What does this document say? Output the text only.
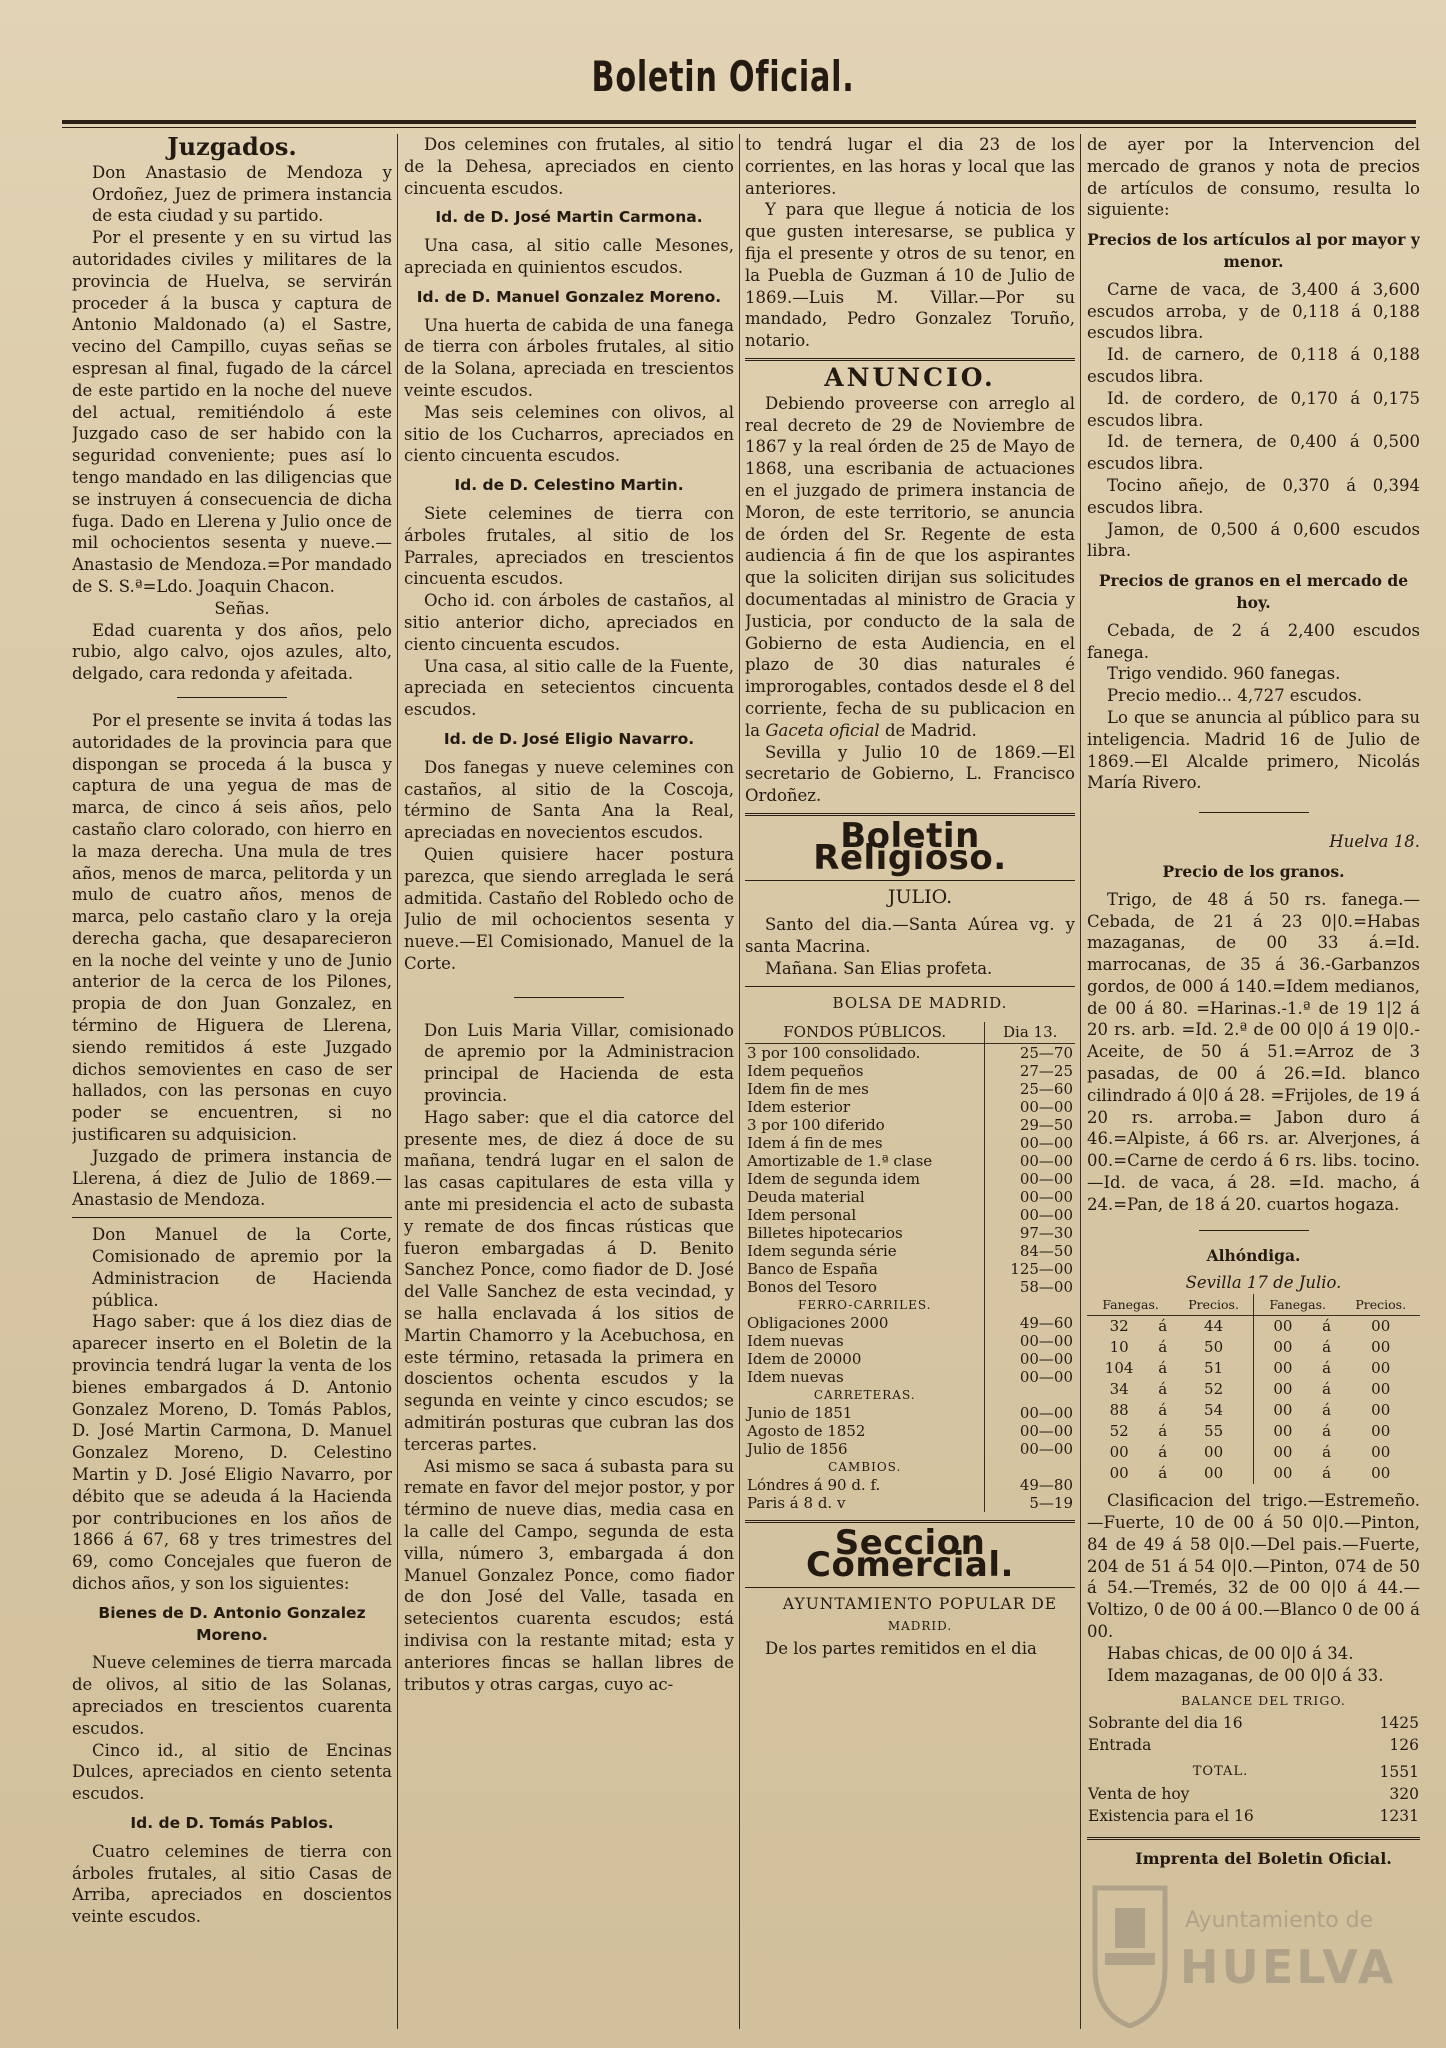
Boletin Oficial.
Juzgados.

Don Anastasio de Mendoza y Ordoñez, Juez de primera instancia de esta ciudad y su partido.

Por el presente y en su virtud las autoridades civiles y militares de la provincia de Huelva, se servirán proceder á la busca y captura de Antonio Maldonado (a) el Sastre, vecino del Campillo, cuyas señas se espresan al final, fugado de la cárcel de este partido en la noche del nueve del actual, remitiéndolo á este Juzgado caso de ser habido con la seguridad conveniente; pues así lo tengo mandado en las diligencias que se instruyen á consecuencia de dicha fuga. Dado en Llerena y Julio once de mil ochocientos sesenta y nueve.—Anastasio de Mendoza.=Por mandado de S. S.ª=Ldo. Joaquin Chacon.

Señas.

Edad cuarenta y dos años, pelo rubio, algo calvo, ojos azules, alto, delgado, cara redonda y afeitada.

Por el presente se invita á todas las autoridades de la provincia para que dispongan se proceda á la busca y captura de una yegua de mas de marca, de cinco á seis años, pelo castaño claro colorado, con hierro en la maza derecha. Una mula de tres años, menos de marca, pelitorda y un mulo de cuatro años, menos de marca, pelo castaño claro y la oreja derecha gacha, que desaparecieron en la noche del veinte y uno de Junio anterior de la cerca de los Pilones, propia de don Juan Gonzalez, en término de Higuera de Llerena, siendo remitidos á este Juzgado dichos semovientes en caso de ser hallados, con las personas en cuyo poder se encuentren, si no justificaren su adquisicion.

Juzgado de primera instancia de Llerena, á diez de Julio de 1869.—Anastasio de Mendoza.

Don Manuel de la Corte, Comisionado de apremio por la Administracion de Hacienda pública.

Hago saber: que á los diez dias de aparecer inserto en el Boletin de la provincia tendrá lugar la venta de los bienes embargados á D. Antonio Gonzalez Moreno, D. Tomás Pablos, D. José Martin Carmona, D. Manuel Gonzalez Moreno, D. Celestino Martin y D. José Eligio Navarro, por débito que se adeuda á la Hacienda por contribuciones en los años de 1866 á 67, 68 y tres trimestres del 69, como Concejales que fueron de dichos años, y son los siguientes:

Bienes de D. Antonio Gonzalez Moreno.

Nueve celemines de tierra marcada de olivos, al sitio de las Solanas, apreciados en trescientos cuarenta escudos.

Cinco id., al sitio de Encinas Dulces, apreciados en ciento setenta escudos.

Id. de D. Tomás Pablos.

Cuatro celemines de tierra con árboles frutales, al sitio Casas de Arriba, apreciados en doscientos veinte escudos.

Dos celemines con frutales, al sitio de la Dehesa, apreciados en ciento cincuenta escudos.

Id. de D. José Martin Carmona.

Una casa, al sitio calle Mesones, apreciada en quinientos escudos.

Id. de D. Manuel Gonzalez Moreno.

Una huerta de cabida de una fanega de tierra con árboles frutales, al sitio de la Solana, apreciada en trescientos veinte escudos.

Mas seis celemines con olivos, al sitio de los Cucharros, apreciados en ciento cincuenta escudos.

Id. de D. Celestino Martin.

Siete celemines de tierra con árboles frutales, al sitio de los Parrales, apreciados en trescientos cincuenta escudos.

Ocho id. con árboles de castaños, al sitio anterior dicho, apreciados en ciento cincuenta escudos.

Una casa, al sitio calle de la Fuente, apreciada en setecientos cincuenta escudos.

Id. de D. José Eligio Navarro.

Dos fanegas y nueve celemines con castaños, al sitio de la Coscoja, término de Santa Ana la Real, apreciadas en novecientos escudos.

Quien quisiere hacer postura parezca, que siendo arreglada le será admitida. Castaño del Robledo ocho de Julio de mil ochocientos sesenta y nueve.—El Comisionado, Manuel de la Corte.

Don Luis Maria Villar, comisionado de apremio por la Administracion principal de Hacienda de esta provincia.

Hago saber: que el dia catorce del presente mes, de diez á doce de su mañana, tendrá lugar en el salon de las casas capitulares de esta villa y ante mi presidencia el acto de subasta y remate de dos fincas rústicas que fueron embargadas á D. Benito Sanchez Ponce, como fiador de D. José del Valle Sanchez de esta vecindad, y se halla enclavada á los sitios de Martin Chamorro y la Acebuchosa, en este término, retasada la primera en doscientos ochenta escudos y la segunda en veinte y cinco escudos; se admitirán posturas que cubran las dos terceras partes.

Asi mismo se saca á subasta para su remate en favor del mejor postor, y por término de nueve dias, media casa en la calle del Campo, segunda de esta villa, número 3, embargada á don Manuel Gonzalez Ponce, como fiador de don José del Valle, tasada en setecientos cuarenta escudos; está indivisa con la restante mitad; esta y anteriores fincas se hallan libres de tributos y otras cargas, cuyo ac-

to tendrá lugar el dia 23 de los corrientes, en las horas y local que las anteriores.

Y para que llegue á noticia de los que gusten interesarse, se publica y fija el presente y otros de su tenor, en la Puebla de Guzman á 10 de Julio de 1869.—Luis M. Villar.—Por su mandado, Pedro Gonzalez Toruño, notario.

ANUNCIO.

Debiendo proveerse con arreglo al real decreto de 29 de Noviembre de 1867 y la real órden de 25 de Mayo de 1868, una escribania de actuaciones en el juzgado de primera instancia de Moron, de este territorio, se anuncia de órden del Sr. Regente de esta audiencia á fin de que los aspirantes que la soliciten dirijan sus solicitudes documentadas al ministro de Gracia y Justicia, por conducto de la sala de Gobierno de esta Audiencia, en el plazo de 30 dias naturales é improrogables, contados desde el 8 del corriente, fecha de su publicacion en la Gaceta oficial de Madrid.

Sevilla y Julio 10 de 1869.—El secretario de Gobierno, L. Francisco Ordoñez.

Boletin Religioso.

JULIO.

Santo del dia.—Santa Aúrea vg. y santa Macrina.

Mañana. San Elias profeta.

BOLSA DE MADRID.

FONDOS PÚBLICOS.	Dia 13.
3 por 100 consolidado.	25—70
Idem pequeños	27—25
Idem fin de mes	25—60
Idem esterior	00—00
3 por 100 diferido	29—50
Idem á fin de mes	00—00
Amortizable de 1.ª clase	00—00
Idem de segunda idem	00—00
Deuda material	00—00
Idem personal	00—00
Billetes hipotecarios	97—30
Idem segunda série	84—50
Banco de España	125—00
Bonos del Tesoro	58—00
FERRO-CARRILES.	
Obligaciones 2000	49—60
Idem nuevas	00—00
Idem de 20000	00—00
Idem nuevas	00—00
CARRETERAS.	
Junio de 1851	00—00
Agosto de 1852	00—00
Julio de 1856	00—00
CAMBIOS.	
Lóndres á 90 d. f.	49—80
Paris á 8 d. v	5—19
Seccion Comercial.

AYUNTAMIENTO POPULAR DE

MADRID.

De los partes remitidos en el dia

de ayer por la Intervencion del mercado de granos y nota de precios de artículos de consumo, resulta lo siguiente:

Precios de los artículos al por mayor y menor.

Carne de vaca, de 3,400 á 3,600 escudos arroba, y de 0,118 á 0,188 escudos libra.

Id. de carnero, de 0,118 á 0,188 escudos libra.

Id. de cordero, de 0,170 á 0,175 escudos libra.

Id. de ternera, de 0,400 á 0,500 escudos libra.

Tocino añejo, de 0,370 á 0,394 escudos libra.

Jamon, de 0,500 á 0,600 escudos libra.

Precios de granos en el mercado de hoy.

Cebada, de 2 á 2,400 escudos fanega.

Trigo vendido. 960 fanegas.

Precio medio... 4,727 escudos.

Lo que se anuncia al público para su inteligencia. Madrid 16 de Julio de 1869.—El Alcalde primero, Nicolás María Rivero.

Huelva 18.

Precio de los granos.

Trigo, de 48 á 50 rs. fanega.—Cebada, de 21 á 23 0|0.=Habas mazaganas, de 00 33 á.=Id. marrocanas, de 35 á 36.-Garbanzos gordos, de 000 á 140.=Idem medianos, de 00 á 80. =Harinas.-1.ª de 19 1|2 á 20 rs. arb. =Id. 2.ª de 00 0|0 á 19 0|0.-Aceite, de 50 á 51.=Arroz de 3 pasadas, de 00 á 26.=Id. blanco cilindrado á 0|0 á 28. =Frijoles, de 19 á 20 rs. arroba.= Jabon duro á 46.=Alpiste, á 66 rs. ar. Alverjones, á 00.=Carne de cerdo á 6 rs. libs. tocino.—Id. de vaca, á 28. =Id. macho, á 24.=Pan, de 18 á 20. cuartos hogaza.

Alhóndiga.

Sevilla 17 de Julio.

Fanegas.		Precios.	Fanegas.		Precios.
32	á	44	00	á	00
10	á	50	00	á	00
104	á	51	00	á	00
34	á	52	00	á	00
88	á	54	00	á	00
52	á	55	00	á	00
00	á	00	00	á	00
00	á	00	00	á	00

Clasificacion del trigo.—Estremeño.—Fuerte, 10 de 00 á 50 0|0.—Pinton, 84 de 49 á 58 0|0.—Del pais.—Fuerte, 204 de 51 á 54 0|0.—Pinton, 074 de 50 á 54.—Tremés, 32 de 00 0|0 á 44.—Voltizo, 0 de 00 á 00.—Blanco 0 de 00 á 00.

Habas chicas, de 00 0|0 á 34.

Idem mazaganas, de 00 0|0 á 33.

BALANCE DEL TRIGO.

Sobrante del dia 16	1425
Entrada	126
TOTAL.	1551
Venta de hoy	320
Existencia para el 16	1231

Imprenta del Boletin Oficial.

Ayuntamiento de
HUELVA
